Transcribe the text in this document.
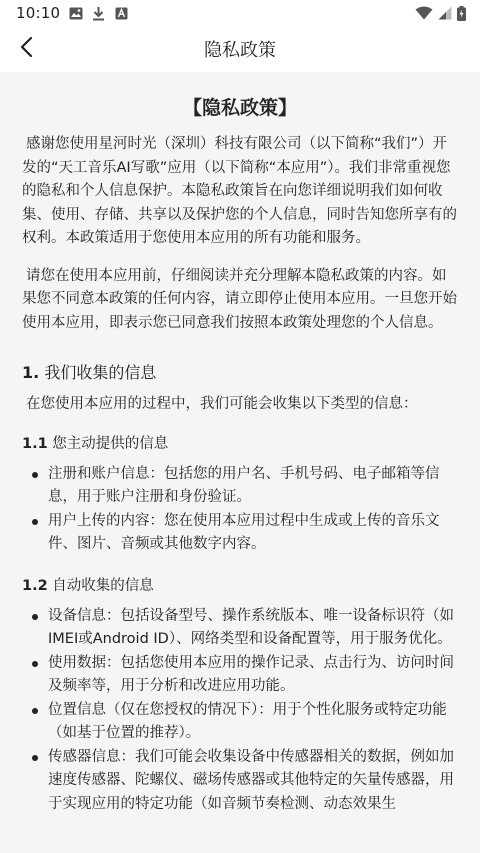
10:10
隐私政策
【隐私政策】

感谢您使用星河时光（深圳）科技有限公司（以下简称“我们”）开发的“天工音乐AI写歌”应用（以下简称“本应用”）。我们非常重视您的隐私和个人信息保护。本隐私政策旨在向您详细说明我们如何收集、使用、存储、共享以及保护您的个人信息，同时告知您所享有的权利。本政策适用于您使用本应用的所有功能和服务。

请您在使用本应用前，仔细阅读并充分理解本隐私政策的内容。如果您不同意本政策的任何内容，请立即停止使用本应用。一旦您开始使用本应用，即表示您已同意我们按照本政策处理您的个人信息。

1. 我们收集的信息

在您使用本应用的过程中，我们可能会收集以下类型的信息：

1.1 您主动提供的信息
注册和账户信息：包括您的用户名、手机号码、电子邮箱等信息，用于账户注册和身份验证。
用户上传的内容：您在使用本应用过程中生成或上传的音乐文件、图片、音频或其他数字内容。
1.2 自动收集的信息
设备信息：包括设备型号、操作系统版本、唯一设备标识符（如IMEI或Android ID）、网络类型和设备配置等，用于服务优化。
使用数据：包括您使用本应用的操作记录、点击行为、访问时间及频率等，用于分析和改进应用功能。
位置信息（仅在您授权的情况下）：用于个性化服务或特定功能（如基于位置的推荐）。
传感器信息：我们可能会收集设备中传感器相关的数据，例如加速度传感器、陀螺仪、磁场传感器或其他特定的矢量传感器，用于实现应用的特定功能（如音频节奏检测、动态效果生
